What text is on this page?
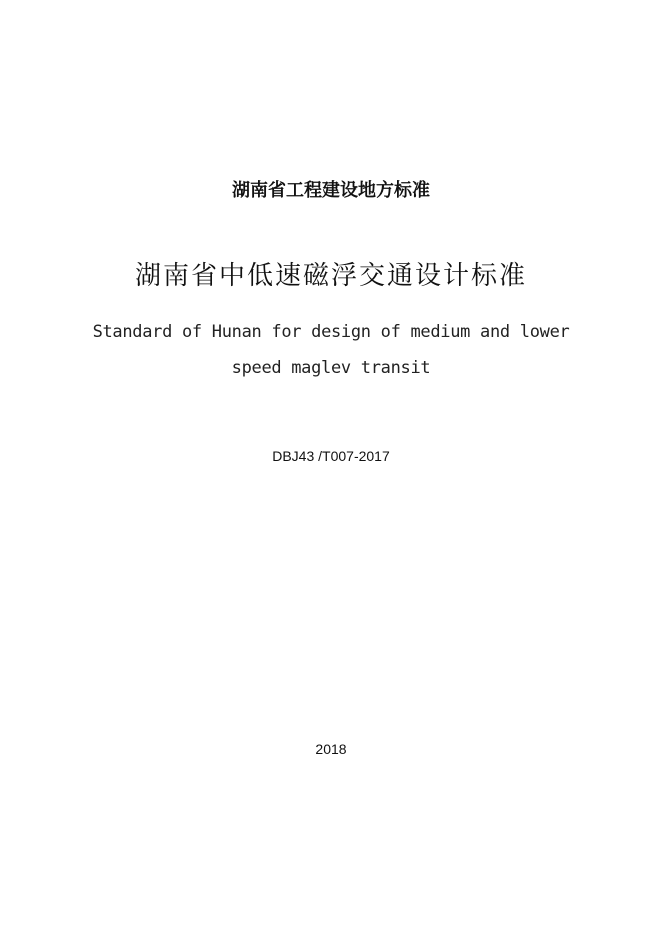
湖南省工程建设地方标准
湖南省中低速磁浮交通设计标准
Standard of Hunan for design of medium and lower
speed maglev transit
DBJ43 /T007-2017
2018
